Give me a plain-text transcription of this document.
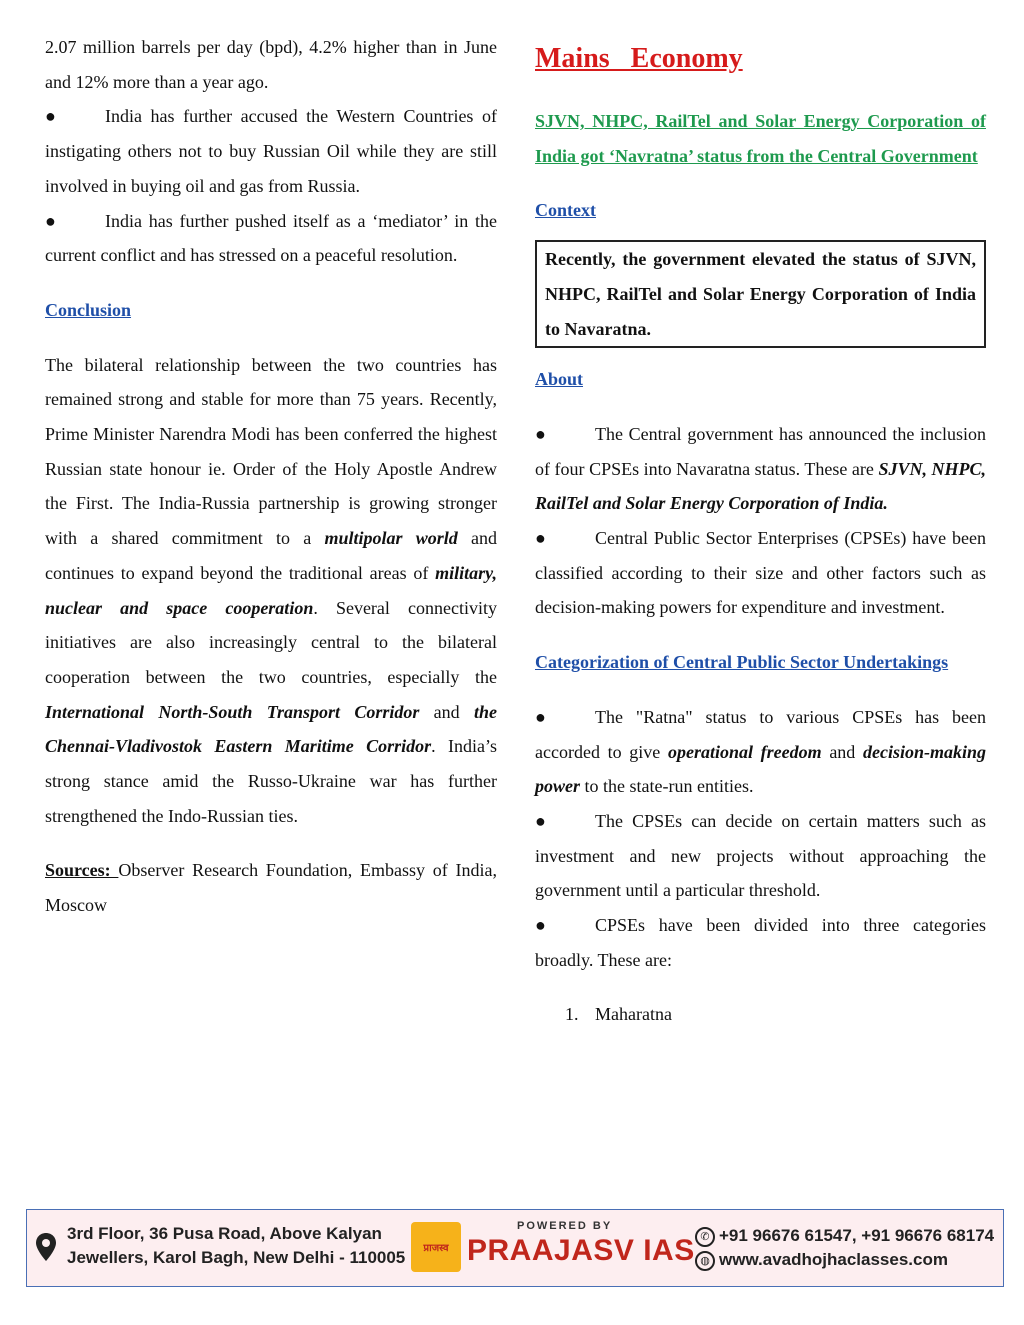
2.07 million barrels per day (bpd), 4.2% higher than in June and 12% more than a year ago.

●	India has further accused the Western Countries of instigating others not to buy Russian Oil while they are still involved in buying oil and gas from Russia.

●	India has further pushed itself as a ‘mediator’ in the current conflict and has stressed on a peaceful resolution.

Conclusion

The bilateral relationship between the two countries has remained strong and stable for more than 75 years. Recently, Prime Minister Narendra Modi has been conferred the highest Russian state honour ie. Order of the Holy Apostle Andrew the First. The India-Russia partnership is growing stronger with a shared commitment to a multipolar world and continues to expand beyond the traditional areas of military, nuclear and space cooperation. Several connectivity initiatives are also increasingly central to the bilateral cooperation between the two countries, especially the International North-South Transport Corridor and the Chennai-Vladivostok Eastern Maritime Corridor. India’s strong stance amid the Russo-Ukraine war has further strengthened the Indo-Russian ties.

Sources: Observer Research Foundation, Embassy of India, Moscow

Mains   Economy

SJVN, NHPC, RailTel and Solar Energy Corporation of India got ‘Navratna’ status from the Central Government

Context

Recently, the government elevated the status of SJVN, NHPC, RailTel and Solar Energy Corporation of India to Navaratna.

About

●	The Central government has announced the inclusion of four CPSEs into Navaratna status. These are SJVN, NHPC, RailTel and Solar Energy Corporation of India.

●	Central Public Sector Enterprises (CPSEs) have been classified according to their size and other factors such as decision-making powers for expenditure and investment.

Categorization of Central Public Sector Undertakings

●	The "Ratna" status to various CPSEs has been accorded to give operational freedom and decision-making power to the state-run entities.

●	The CPSEs can decide on certain matters such as investment and new projects without approaching the government until a particular threshold.

●	CPSEs have been divided into three categories broadly. These are:

1. Maharatna

3rd Floor, 36 Pusa Road, Above Kalyan
Jewellers, Karol Bagh, New Delhi - 110005	प्राजस्व
POWERED BY
PRAAJASV IAS ✆ +91 96676 61547, +91 96676 68174
◍ www.avadhojhaclasses.com
